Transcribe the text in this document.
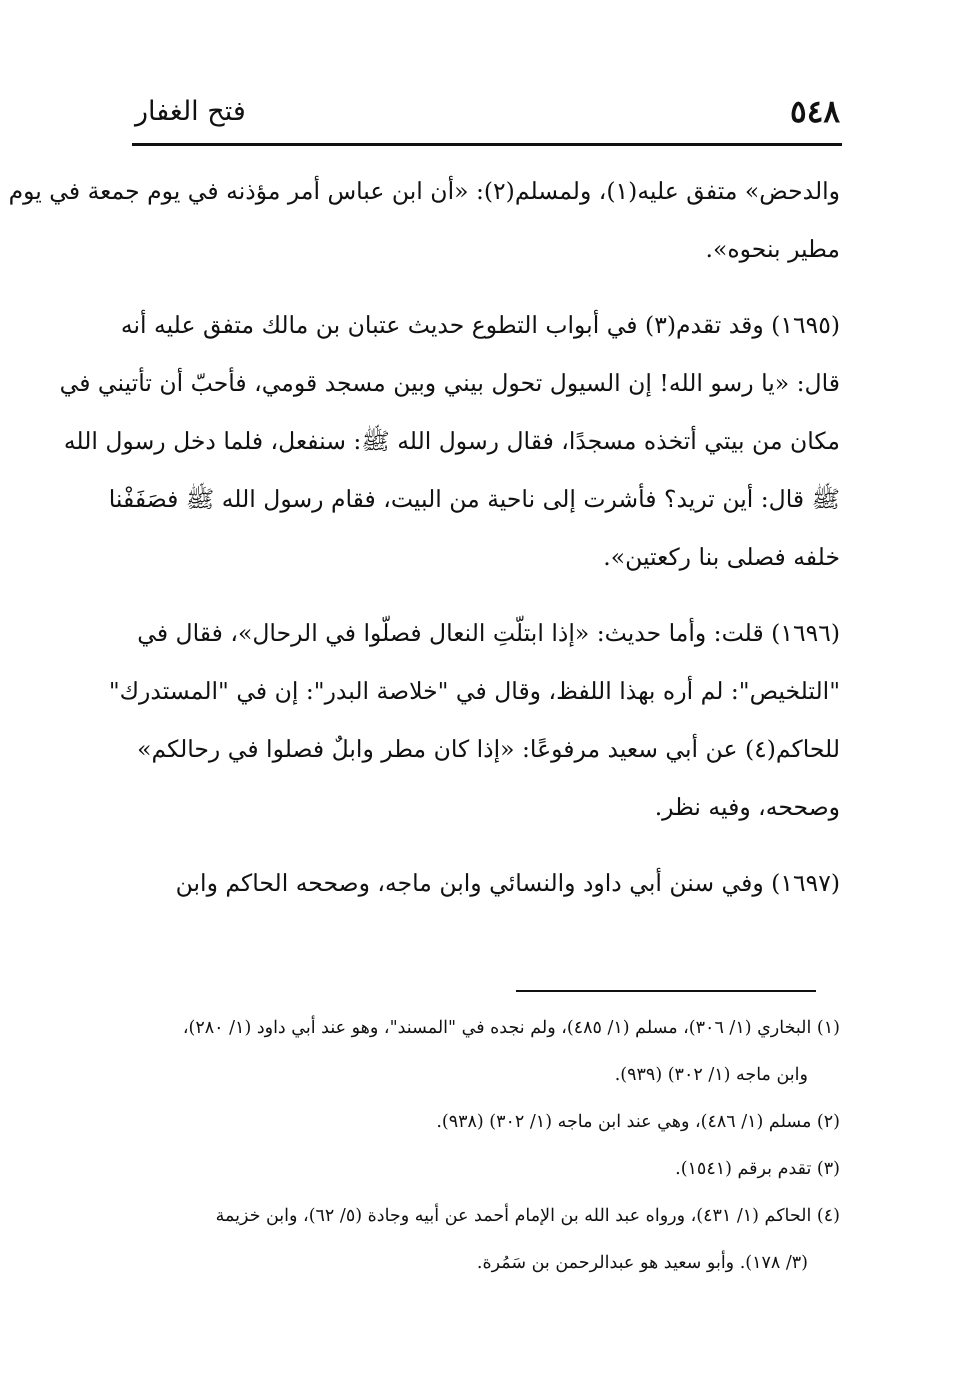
٥٤٨
فتح الغفار

والدحض» متفق عليه(١)، ولمسلم(٢): «أن ابن عباس أمر مؤذنه في يوم جمعة في يوم
مطير بنحوه».

(١٦٩٥) وقد تقدم(٣) في أبواب التطوع حديث عتبان بن مالك متفق عليه أنه
قال: «يا رسو الله! إن السيول تحول بيني وبين مسجد قومي، فأحبّ أن تأتيني في
مكان من بيتي أتخذه مسجدًا، فقال رسول الله ﷺ: سنفعل، فلما دخل رسول الله
ﷺ قال: أين تريد؟ فأشرت إلى ناحية من البيت، فقام رسول الله ﷺ فصَفَفْنا
خلفه فصلى بنا ركعتين».

(١٦٩٦) قلت: وأما حديث: «إذا ابتلّتِ النعال فصلّوا في الرحال»، فقال في
"التلخيص": لم أره بهذا اللفظ، وقال في "خلاصة البدر": إن في "المستدرك"
للحاكم(٤) عن أبي سعيد مرفوعًا: «إذا كان مطر وابلٌ فصلوا في رحالكم»
وصححه، وفيه نظر.

(١٦٩٧) وفي سنن أبي داود والنسائي وابن ماجه، وصححه الحاكم وابن

(١) البخاري (١/ ٣٠٦)، مسلم (١/ ٤٨٥)، ولم نجده في "المسند"، وهو عند أبي داود (١/ ٢٨٠)،
وابن ماجه (١/ ٣٠٢) (٩٣٩).
(٢) مسلم (١/ ٤٨٦)، وهي عند ابن ماجه (١/ ٣٠٢) (٩٣٨).
(٣) تقدم برقم (١٥٤١).
(٤) الحاكم (١/ ٤٣١)، ورواه عبد الله بن الإمام أحمد عن أبيه وجادة (٥/ ٦٢)، وابن خزيمة
(٣/ ١٧٨). وأبو سعيد هو عبدالرحمن بن سَمُرة.
